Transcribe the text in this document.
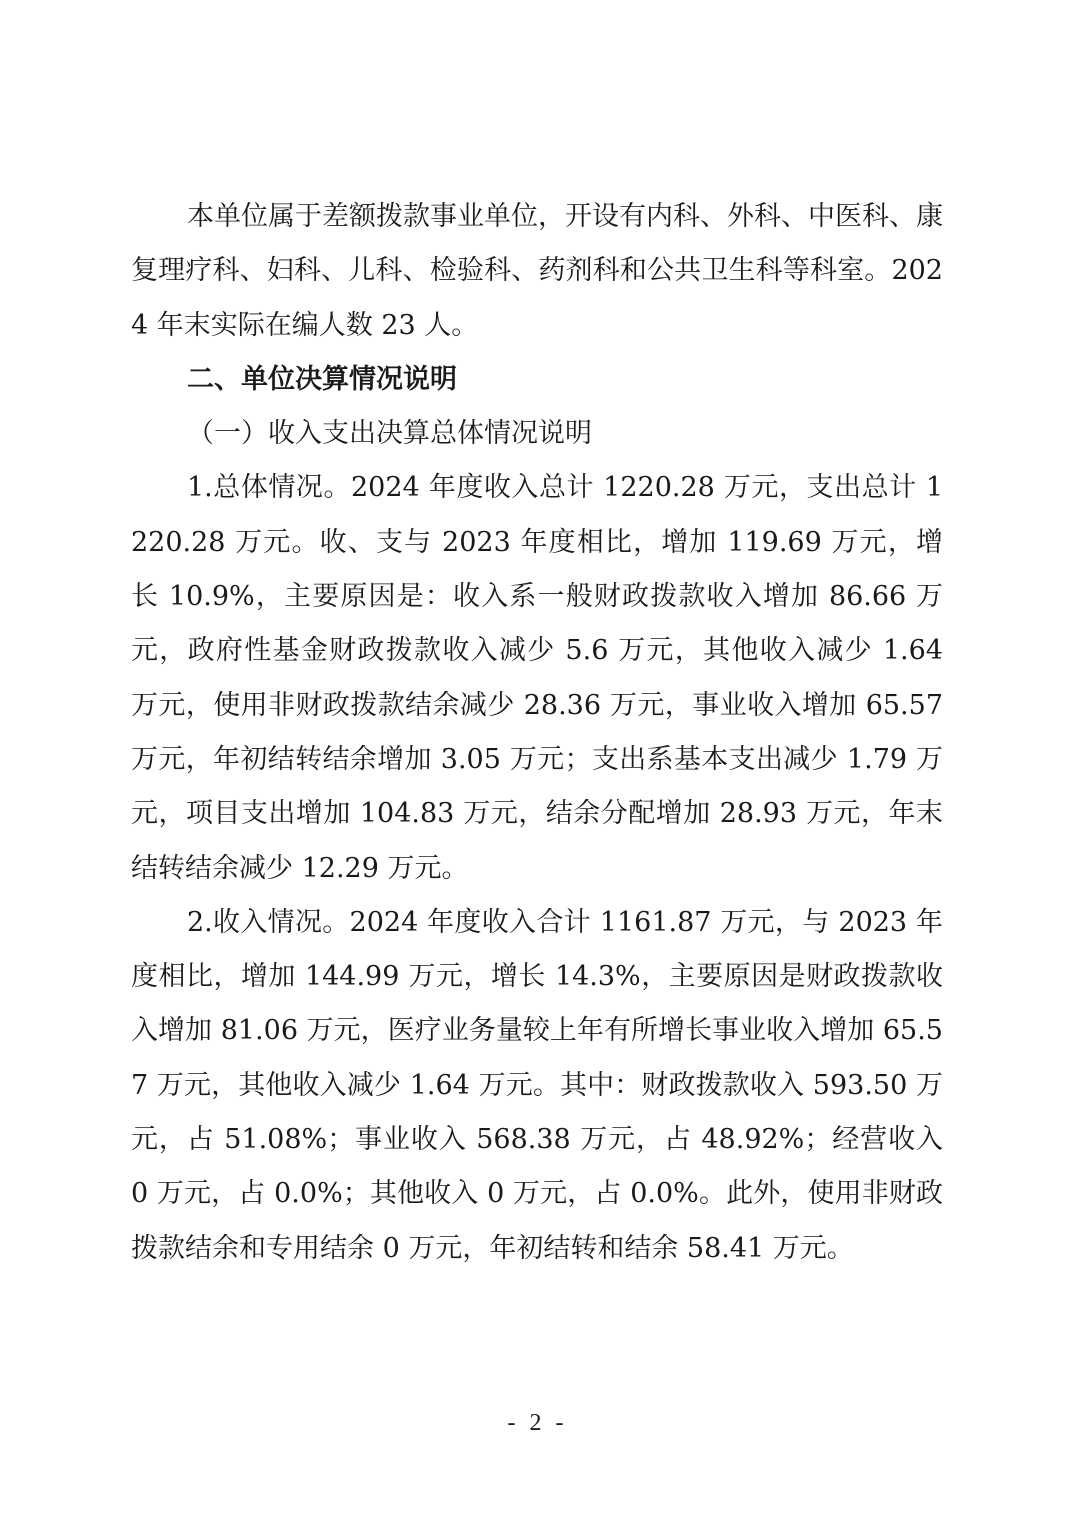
本单位属于差额拨款事业单位，开设有内科、外科、中医科、康复理疗科、妇科、儿科、检验科、药剂科和公共卫生科等科室。2024 年末实际在编人数 23 人。

二、单位决算情况说明

（一）收入支出决算总体情况说明

1.总体情况。2024 年度收入总计 1220.28 万元，支出总计 1220.28 万元。收、支与 2023 年度相比，增加 119.69 万元，增长 10.9%，主要原因是：收入系一般财政拨款收入增加 86.66 万元，政府性基金财政拨款收入减少 5.6 万元，其他收入减少 1.64 万元，使用非财政拨款结余减少 28.36 万元，事业收入增加 65.57 万元，年初结转结余增加 3.05 万元；支出系基本支出减少 1.79 万元，项目支出增加 104.83 万元，结余分配增加 28.93 万元，年末结转结余减少 12.29 万元。

2.收入情况。2024 年度收入合计 1161.87 万元，与 2023 年度相比，增加 144.99 万元，增长 14.3%，主要原因是财政拨款收入增加 81.06 万元，医疗业务量较上年有所增长事业收入增加 65.57 万元，其他收入减少 1.64 万元。其中：财政拨款收入 593.50 万元，占 51.08%；事业收入 568.38 万元，占 48.92%；经营收入 0 万元，占 0.0%；其他收入 0 万元，占 0.0%。此外，使用非财政拨款结余和专用结余 0 万元，年初结转和结余 58.41 万元。

- 2 -
